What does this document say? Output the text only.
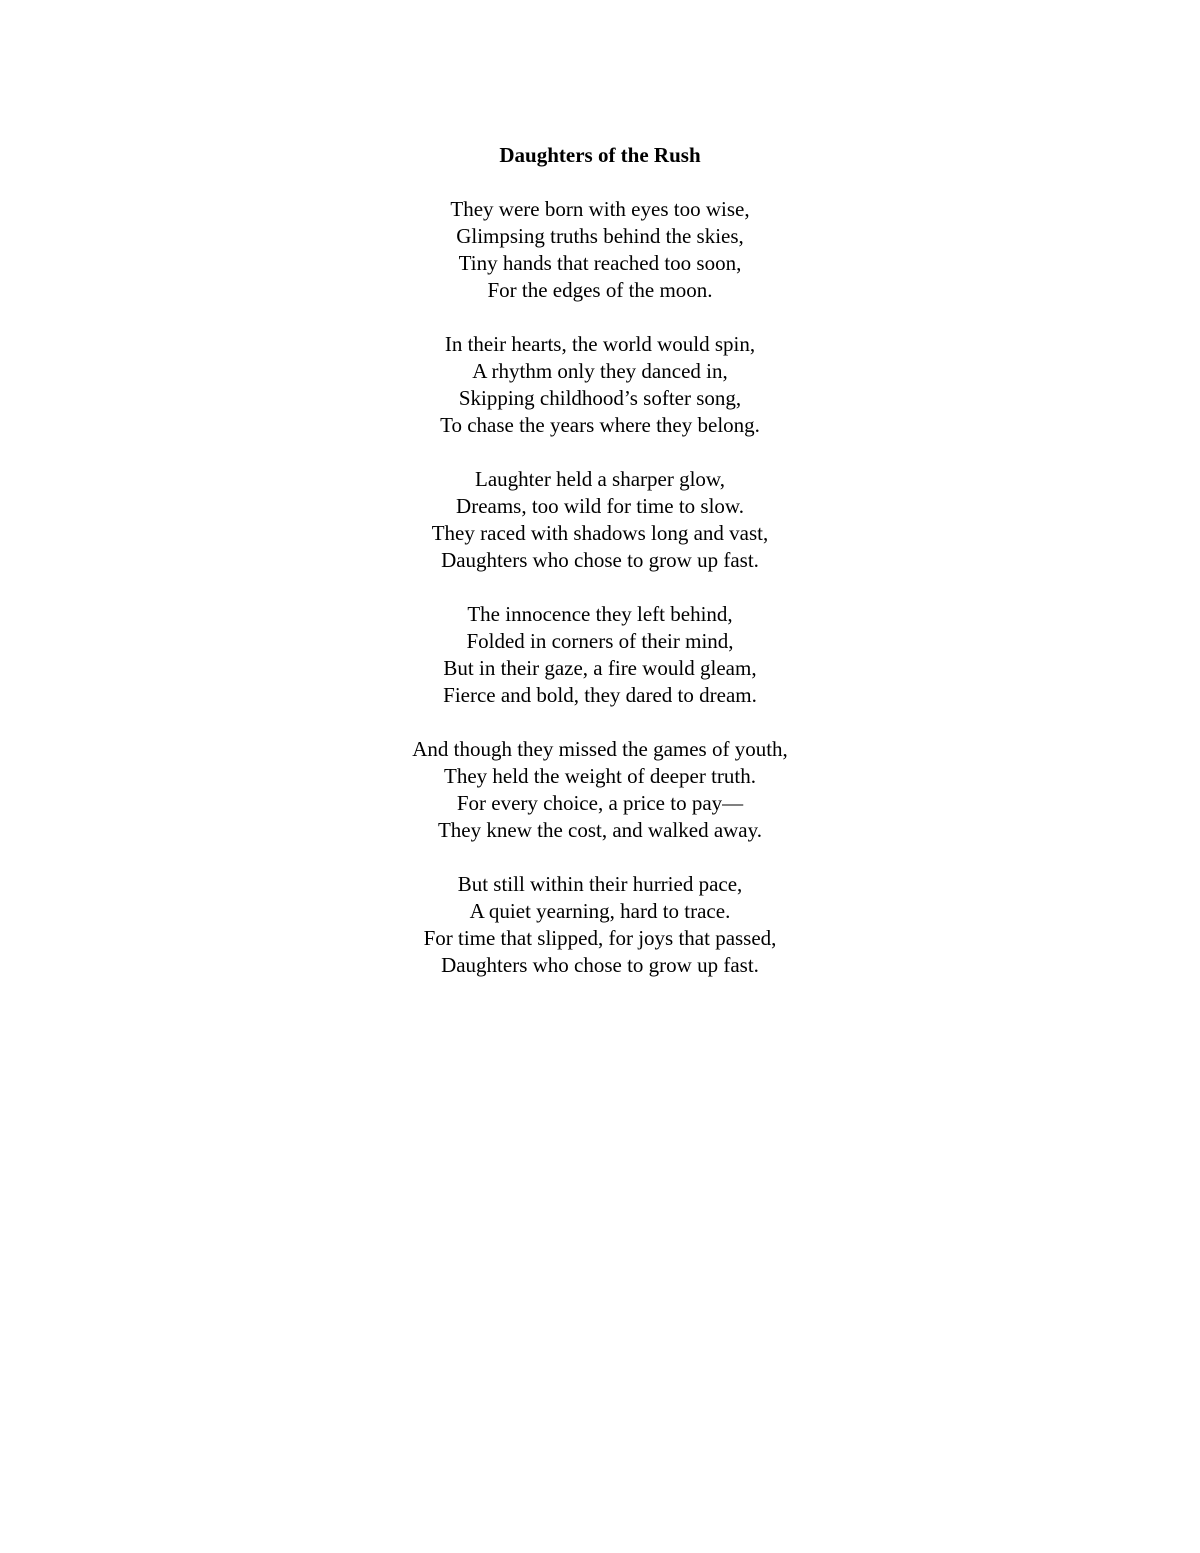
Daughters of the Rush
They were born with eyes too wise,
Glimpsing truths behind the skies,
Tiny hands that reached too soon,
For the edges of the moon.
In their hearts, the world would spin,
A rhythm only they danced in,
Skipping childhood’s softer song,
To chase the years where they belong.
Laughter held a sharper glow,
Dreams, too wild for time to slow.
They raced with shadows long and vast,
Daughters who chose to grow up fast.
The innocence they left behind,
Folded in corners of their mind,
But in their gaze, a fire would gleam,
Fierce and bold, they dared to dream.
And though they missed the games of youth,
They held the weight of deeper truth.
For every choice, a price to pay—
They knew the cost, and walked away.
But still within their hurried pace,
A quiet yearning, hard to trace.
For time that slipped, for joys that passed,
Daughters who chose to grow up fast.
